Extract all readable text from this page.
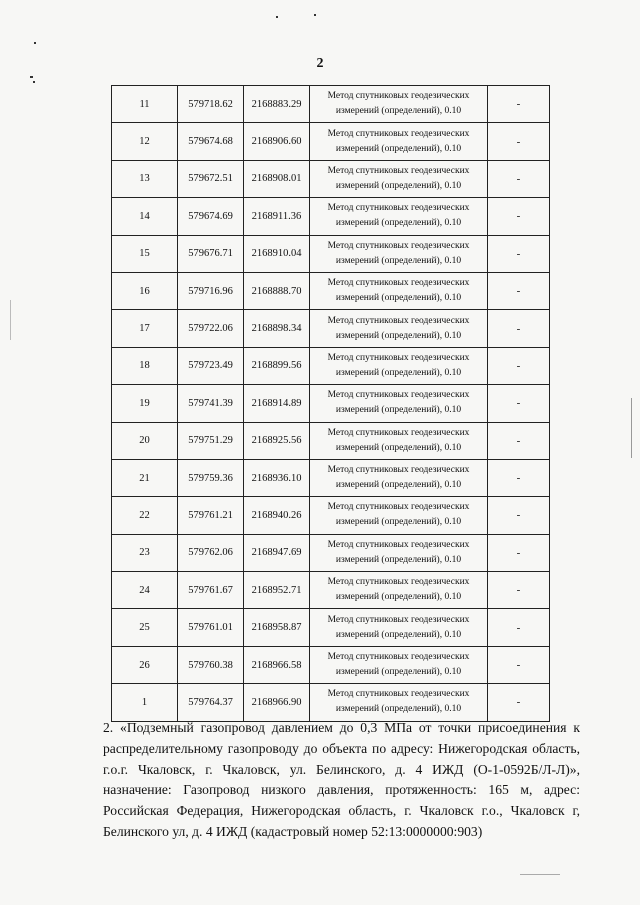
2
11	579718.62	2168883.29	Метод спутниковых геодезических измерений (определений), 0.10	-
12	579674.68	2168906.60	Метод спутниковых геодезических измерений (определений), 0.10	-
13	579672.51	2168908.01	Метод спутниковых геодезических измерений (определений), 0.10	-
14	579674.69	2168911.36	Метод спутниковых геодезических измерений (определений), 0.10	-
15	579676.71	2168910.04	Метод спутниковых геодезических измерений (определений), 0.10	-
16	579716.96	2168888.70	Метод спутниковых геодезических измерений (определений), 0.10	-
17	579722.06	2168898.34	Метод спутниковых геодезических измерений (определений), 0.10	-
18	579723.49	2168899.56	Метод спутниковых геодезических измерений (определений), 0.10	-
19	579741.39	2168914.89	Метод спутниковых геодезических измерений (определений), 0.10	-
20	579751.29	2168925.56	Метод спутниковых геодезических измерений (определений), 0.10	-
21	579759.36	2168936.10	Метод спутниковых геодезических измерений (определений), 0.10	-
22	579761.21	2168940.26	Метод спутниковых геодезических измерений (определений), 0.10	-
23	579762.06	2168947.69	Метод спутниковых геодезических измерений (определений), 0.10	-
24	579761.67	2168952.71	Метод спутниковых геодезических измерений (определений), 0.10	-
25	579761.01	2168958.87	Метод спутниковых геодезических измерений (определений), 0.10	-
26	579760.38	2168966.58	Метод спутниковых геодезических измерений (определений), 0.10	-
1	579764.37	2168966.90	Метод спутниковых геодезических измерений (определений), 0.10	-
2. «Подземный газопровод давлением до 0,3 МПа от точки присоединения к распределительному газопроводу до объекта по адресу: Нижегородская область, г.о.г. Чкаловск, г. Чкаловск, ул. Белинского, д. 4 ИЖД (О-1-0592Б/Л-Л)», назначение: Газопровод низкого давления, протяженность: 165 м, адрес: Российская Федерация, Нижегородская область, г. Чкаловск г.о., Чкаловск г, Белинского ул, д. 4 ИЖД (кадастровый номер 52:13:0000000:903)
